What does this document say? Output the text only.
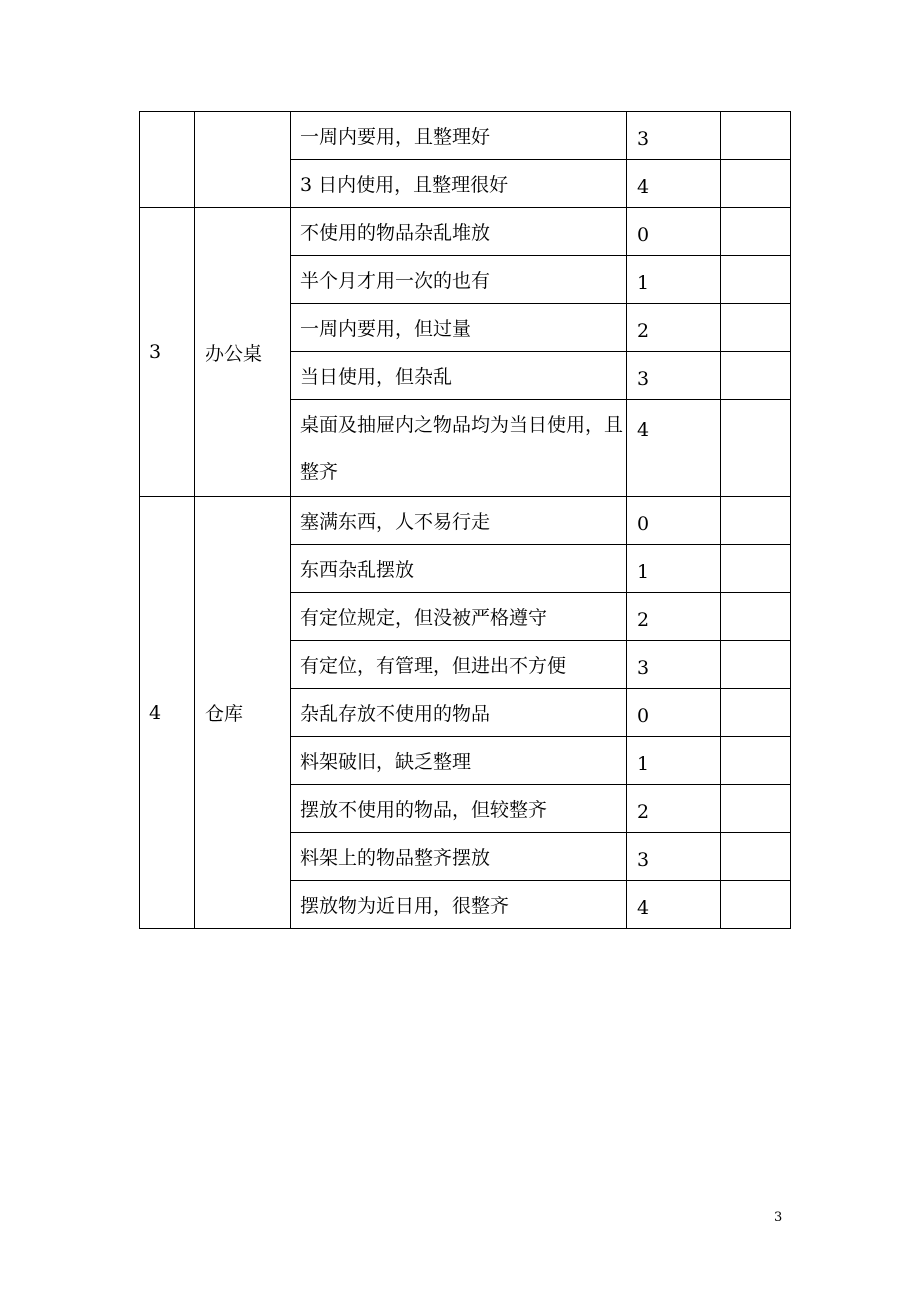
		一周内要用，且整理好	3	
		3 日内使用，且整理很好	4	
3	办公桌	不使用的物品杂乱堆放	0	
		半个月才用一次的也有	1	
		一周内要用，但过量	2	
		当日使用，但杂乱	3	
		桌面及抽屉内之物品均为当日使用，且整齐	4	
4	仓库	塞满东西，人不易行走	0	
		东西杂乱摆放	1	
		有定位规定，但没被严格遵守	2	
		有定位，有管理，但进出不方便	3	
		杂乱存放不使用的物品	0	
		料架破旧，缺乏整理	1	
		摆放不使用的物品，但较整齐	2	
		料架上的物品整齐摆放	3	
		摆放物为近日用，很整齐	4	
3
